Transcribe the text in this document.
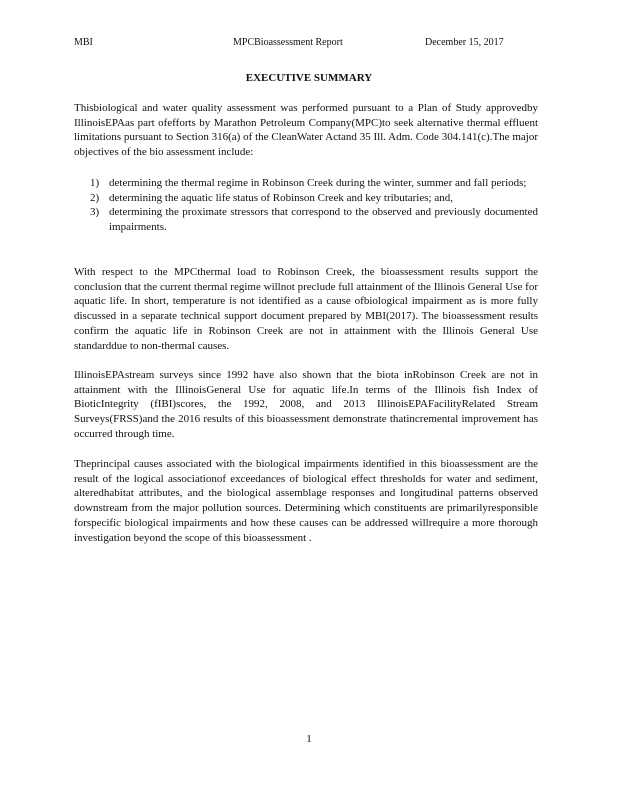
MBI	MPCBioassessment Report	December 15, 2017
EXECUTIVE SUMMARY

Thisbiological and water quality assessment was performed pursuant to a Plan of Study approvedby IllinoisEPAas part ofefforts by Marathon Petroleum Company(MPC)to seek alternative thermal effluent limitations pursuant to Section 316(a) of the CleanWater Actand 35 Ill. Adm. Code 304.141(c).The major objectives of the bio assessment include:

1) determining the thermal regime in Robinson Creek during the winter, summer and fall periods;
2) determining the aquatic life status of Robinson Creek and key tributaries; and,
3) determining the proximate stressors that correspond to the observed and previously documented impairments.

With respect to the MPCthermal load to Robinson Creek, the bioassessment results support the conclusion that the current thermal regime willnot preclude full attainment of the Illinois General Use for aquatic life. In short, temperature is not identified as a cause ofbiological impairment as is more fully discussed in a separate technical support document prepared by MBI(2017). The bioassessment results confirm the aquatic life in Robinson Creek are not in attainment with the Illinois General Use standarddue to non-thermal causes.

IllinoisEPAstream surveys since 1992 have also shown that the biota inRobinson Creek are not in attainment with the IllinoisGeneral Use for aquatic life.In terms of the Illinois fish Index of BioticIntegrity (fIBI)scores, the 1992, 2008, and 2013 IllinoisEPAFacilityRelated Stream Surveys(FRSS)and the 2016 results of this bioassessment demonstrate thatincremental improvement has occurred through time.

Theprincipal causes associated with the biological impairments identified in this bioassessment are the result of the logical associationof exceedances of biological effect thresholds for water and sediment, alteredhabitat attributes, and the biological assemblage responses and longitudinal patterns observed downstream from the major pollution sources. Determining which constituents are primarilyresponsible forspecific biological impairments and how these causes can be addressed willrequire a more thorough investigation beyond the scope of this bioassessment .

1
